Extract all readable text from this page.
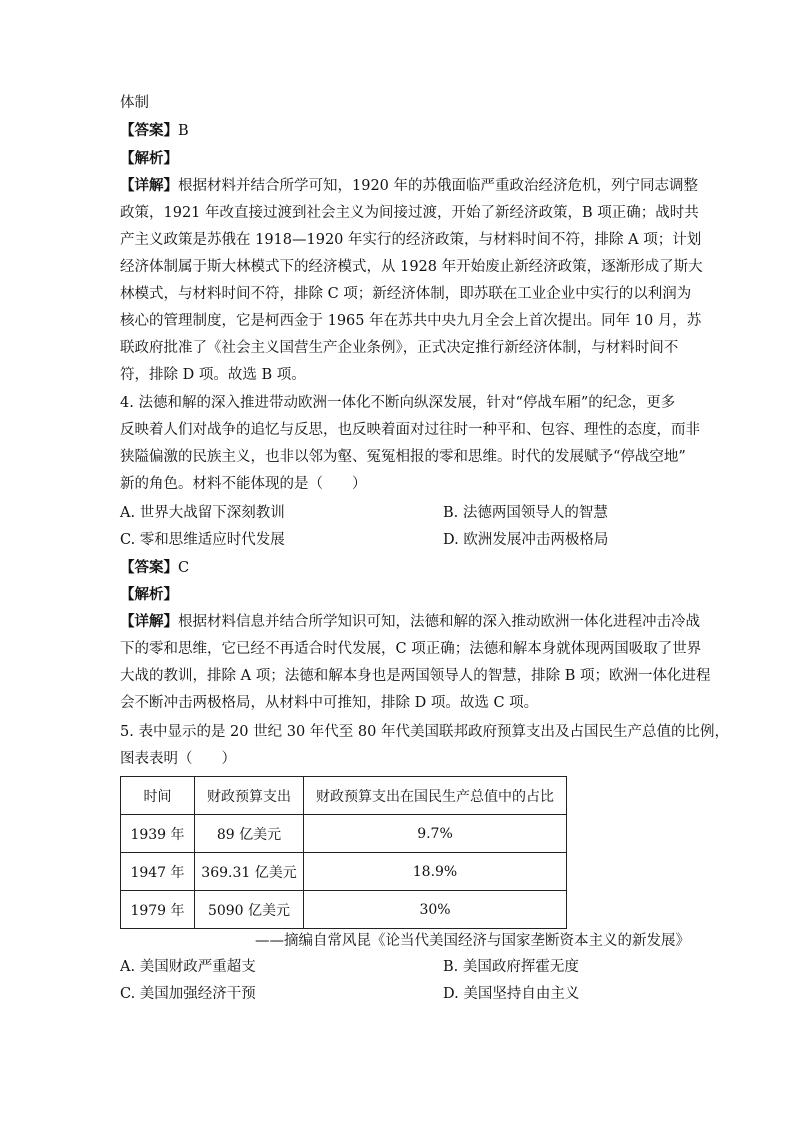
体制
【答案】B
【解析】
【详解】根据材料并结合所学可知，1920 年的苏俄面临严重政治经济危机，列宁同志调整
政策，1921 年改直接过渡到社会主义为间接过渡，开始了新经济政策，B 项正确；战时共
产主义政策是苏俄在 1918—1920 年实行的经济政策，与材料时间不符，排除 A 项；计划
经济体制属于斯大林模式下的经济模式，从 1928 年开始废止新经济政策，逐渐形成了斯大
林模式，与材料时间不符，排除 C 项；新经济体制，即苏联在工业企业中实行的以利润为
核心的管理制度，它是柯西金于 1965 年在苏共中央九月全会上首次提出。同年 10 月，苏
联政府批准了《社会主义国营生产企业条例》，正式决定推行新经济体制，与材料时间不
符，排除 D 项。故选 B 项。
4. 法德和解的深入推进带动欧洲一体化不断向纵深发展，针对“停战车厢”的纪念，更多
反映着人们对战争的追忆与反思，也反映着面对过往时一种平和、包容、理性的态度，而非
狭隘偏激的民族主义，也非以邻为壑、冤冤相报的零和思维。时代的发展赋予“停战空地”
新的角色。材料不能体现的是（　　）
A. 世界大战留下深刻教训	B. 法德两国领导人的智慧
C. 零和思维适应时代发展	D. 欧洲发展冲击两极格局
【答案】C
【解析】
【详解】根据材料信息并结合所学知识可知，法德和解的深入推动欧洲一体化进程冲击冷战
下的零和思维，它已经不再适合时代发展，C 项正确；法德和解本身就体现两国吸取了世界
大战的教训，排除 A 项；法德和解本身也是两国领导人的智慧，排除 B 项；欧洲一体化进程
会不断冲击两极格局，从材料中可推知，排除 D 项。故选 C 项。
5. 表中显示的是 20 世纪 30 年代至 80 年代美国联邦政府预算支出及占国民生产总值的比例，
图表表明（　　）
时间	财政预算支出	财政预算支出在国民生产总值中的占比
1939 年	89 亿美元	9.7%
1947 年	369.31 亿美元	18.9%
1979 年	5090 亿美元	30%
——摘编自常风昆《论当代美国经济与国家垄断资本主义的新发展》
A. 美国财政严重超支	B. 美国政府挥霍无度
C. 美国加强经济干预	D. 美国坚持自由主义
